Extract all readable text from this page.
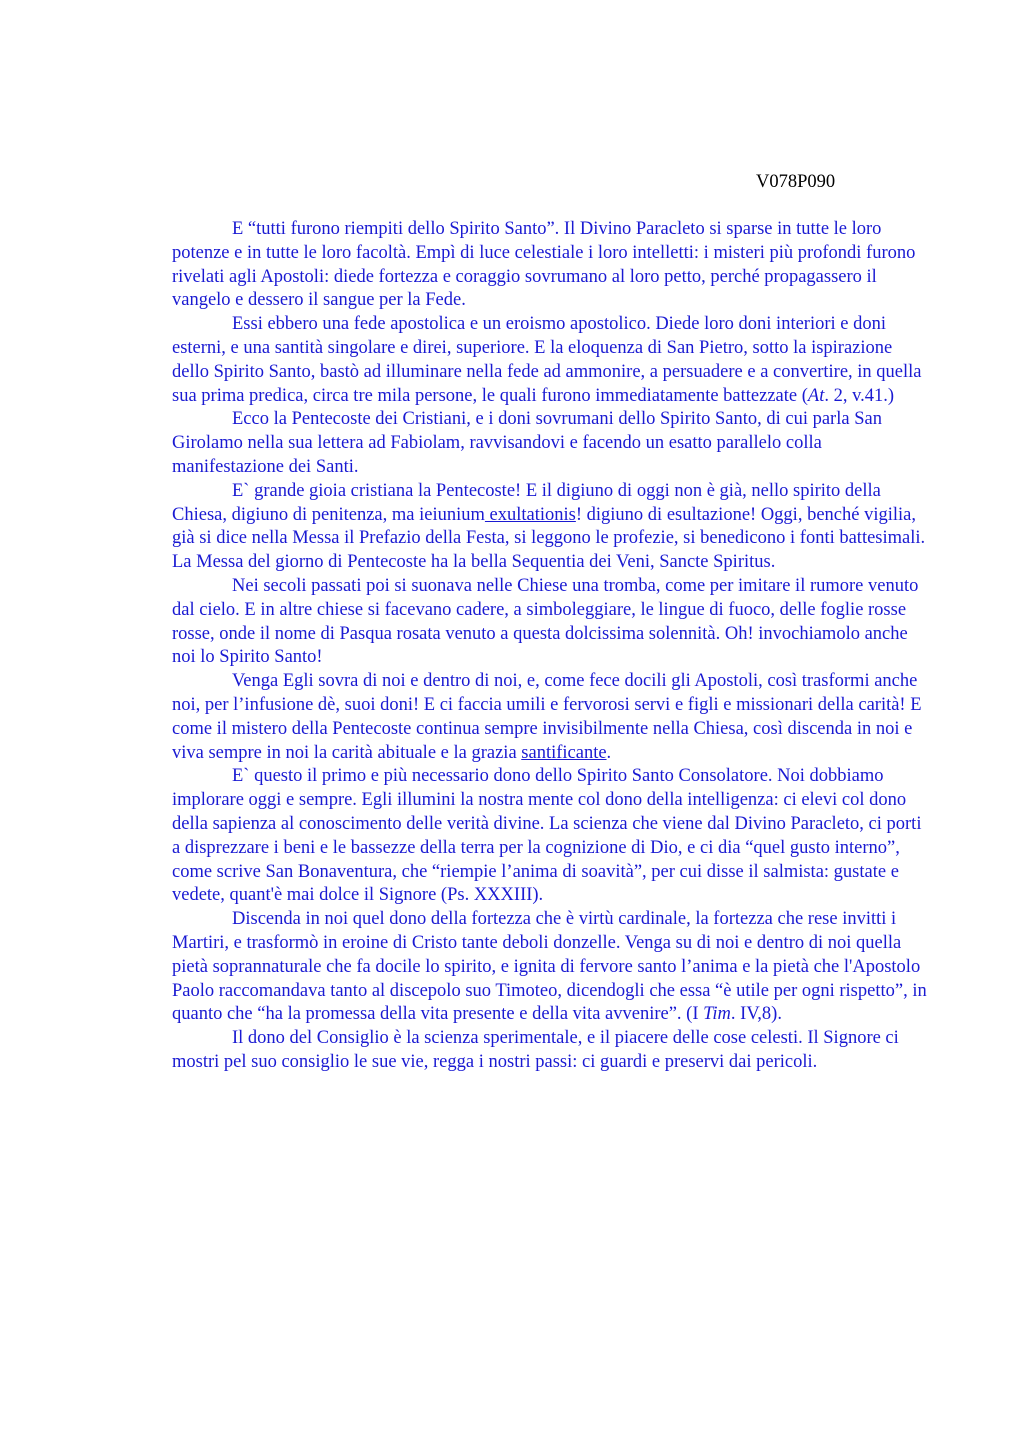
V078P090

E “tutti furono riempiti dello Spirito Santo”. Il Divino Paracleto si sparse in tutte le loro potenze e in tutte le loro facoltà. Empì di luce celestiale i loro intelletti: i misteri più profondi furono rivelati agli Apostoli: diede fortezza e coraggio sovrumano al loro petto, perché propagassero il vangelo e dessero il sangue per la Fede.

Essi ebbero una fede apostolica e un eroismo apostolico. Diede loro doni interiori e doni esterni, e una santità singolare e direi, superiore. E la eloquenza di San Pietro, sotto la ispirazione dello Spirito Santo, bastò ad illuminare nella fede ad ammonire, a persuadere e a convertire, in quella sua prima predica, circa tre mila persone, le quali furono immediatamente battezzate (At. 2, v.41.)

Ecco la Pentecoste dei Cristiani, e i doni sovrumani dello Spirito Santo, di cui parla San Girolamo nella sua lettera ad Fabiolam, ravvisandovi e facendo un esatto parallelo colla manifestazione dei Santi.

E` grande gioia cristiana la Pentecoste! E il digiuno di oggi non è già, nello spirito della Chiesa, digiuno di penitenza, ma ieiunium exultationis! digiuno di esultazione! Oggi, benché vigilia, già si dice nella Messa il Prefazio della Festa, si leggono le profezie, si benedicono i fonti battesimali. La Messa del giorno di Pentecoste ha la bella Sequentia dei Veni, Sancte Spiritus.

Nei secoli passati poi si suonava nelle Chiese una tromba, come per imitare il rumore venuto dal cielo. E in altre chiese si facevano cadere, a simboleggiare, le lingue di fuoco, delle foglie rosse rosse, onde il nome di Pasqua rosata venuto a questa dolcissima solennità. Oh! invochiamolo anche noi lo Spirito Santo!

Venga Egli sovra di noi e dentro di noi, e, come fece docili gli Apostoli, così trasformi anche noi, per l’infusione dè, suoi doni! E ci faccia umili e fervorosi servi e figli e missionari della carità! E come il mistero della Pentecoste continua sempre invisibilmente nella Chiesa, così discenda in noi e viva sempre in noi la carità abituale e la grazia santificante.

E` questo il primo e più necessario dono dello Spirito Santo Consolatore. Noi dobbiamo implorare oggi e sempre. Egli illumini la nostra mente col dono della intelligenza: ci elevi col dono della sapienza al conoscimento delle verità divine. La scienza che viene dal Divino Paracleto, ci porti a disprezzare i beni e le bassezze della terra per la cognizione di Dio, e ci dia “quel gusto interno”, come scrive San Bonaventura, che “riempie l’anima di soavità”, per cui disse il salmista: gustate e vedete, quant'è mai dolce il Signore (Ps. XXXIII).

Discenda in noi quel dono della fortezza che è virtù cardinale, la fortezza che rese invitti i Martiri, e trasformò in eroine di Cristo tante deboli donzelle. Venga su di noi e dentro di noi quella pietà soprannaturale che fa docile lo spirito, e ignita di fervore santo l’anima e la pietà che l'Apostolo Paolo raccomandava tanto al discepolo suo Timoteo, dicendogli che essa “è utile per ogni rispetto”, in quanto che “ha la promessa della vita presente e della vita avvenire”. (I Tim. IV,8).

Il dono del Consiglio è la scienza sperimentale, e il piacere delle cose celesti. Il Signore ci mostri pel suo consiglio le sue vie, regga i nostri passi: ci guardi e preservi dai pericoli.
